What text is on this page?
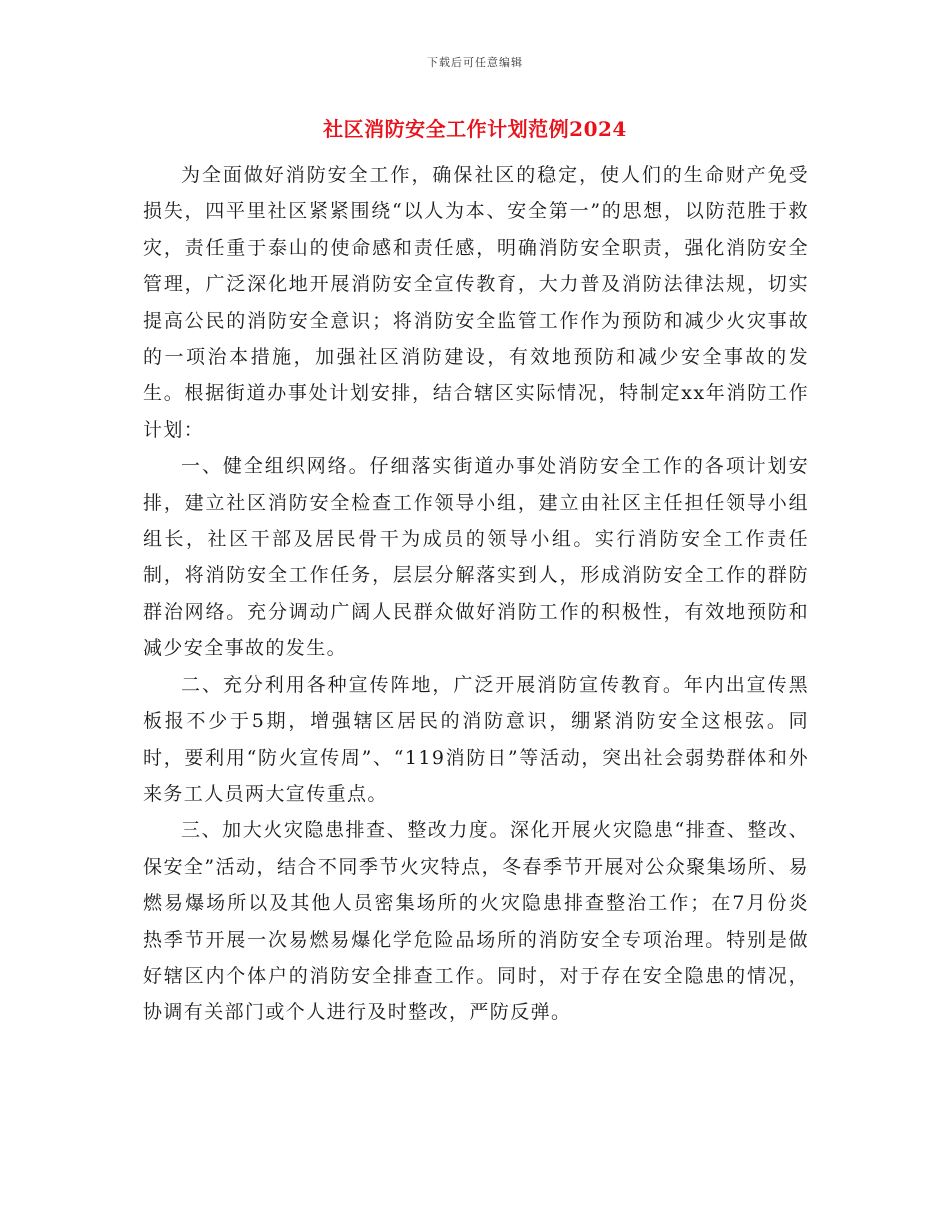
下载后可任意编辑
社区消防安全工作计划范例2024

为全面做好消防安全工作，确保社区的稳定，使人们的生命财产免受损失，四平里社区紧紧围绕“以人为本、安全第一”的思想，以防范胜于救灾，责任重于泰山的使命感和责任感，明确消防安全职责，强化消防安全管理，广泛深化地开展消防安全宣传教育，大力普及消防法律法规，切实提高公民的消防安全意识；将消防安全监管工作作为预防和减少火灾事故的一项治本措施，加强社区消防建设，有效地预防和减少安全事故的发生。根据街道办事处计划安排，结合辖区实际情况，特制定xx年消防工作计划：

一、健全组织网络。仔细落实街道办事处消防安全工作的各项计划安排，建立社区消防安全检查工作领导小组，建立由社区主任担任领导小组组长，社区干部及居民骨干为成员的领导小组。实行消防安全工作责任制，将消防安全工作任务，层层分解落实到人，形成消防安全工作的群防群治网络。充分调动广阔人民群众做好消防工作的积极性，有效地预防和减少安全事故的发生。

二、充分利用各种宣传阵地，广泛开展消防宣传教育。年内出宣传黑板报不少于5期，增强辖区居民的消防意识，绷紧消防安全这根弦。同时，要利用“防火宣传周”、“119消防日”等活动，突出社会弱势群体和外来务工人员两大宣传重点。

三、加大火灾隐患排查、整改力度。深化开展火灾隐患“排查、整改、保安全”活动，结合不同季节火灾特点，冬春季节开展对公众聚集场所、易燃易爆场所以及其他人员密集场所的火灾隐患排查整治工作；在7月份炎热季节开展一次易燃易爆化学危险品场所的消防安全专项治理。特别是做好辖区内个体户的消防安全排查工作。同时，对于存在安全隐患的情况，协调有关部门或个人进行及时整改，严防反弹。
